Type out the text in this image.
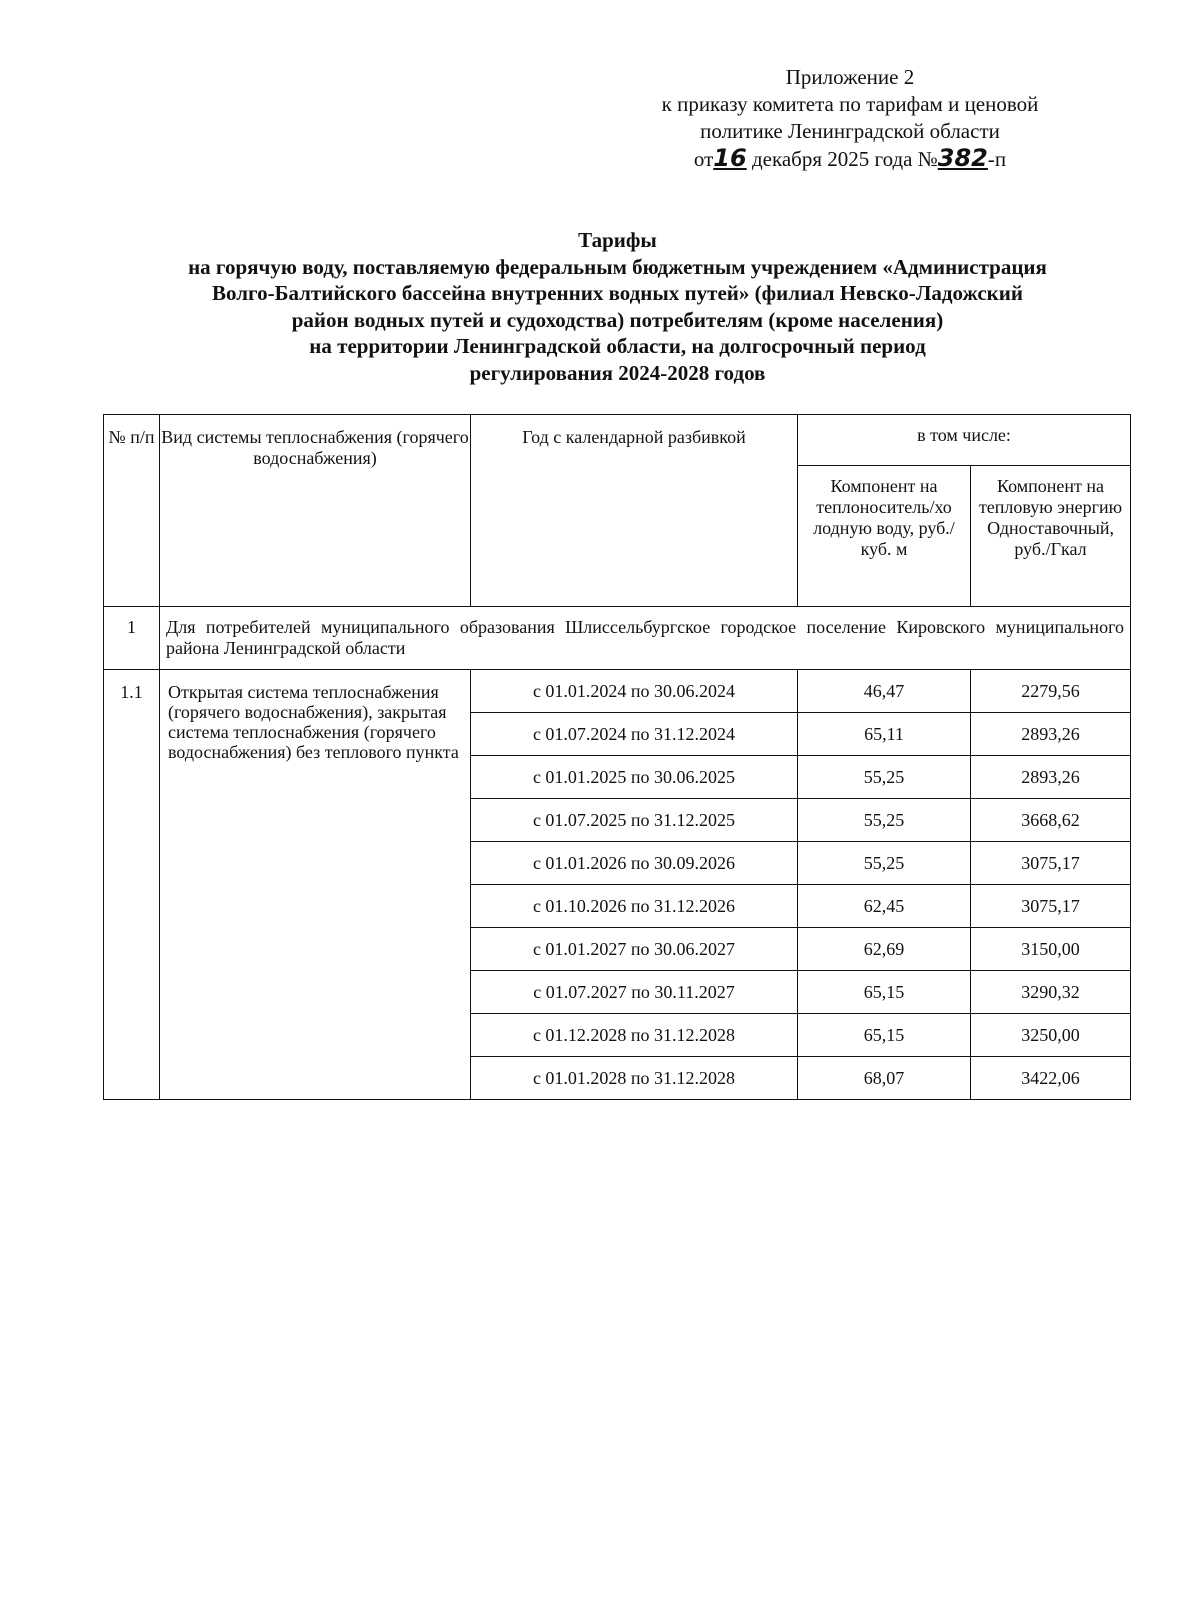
Приложение 2
к приказу комитета по тарифам и ценовой
политике Ленинградской области
от16 декабря 2025 года №382-п
Тарифы
на горячую воду, поставляемую федеральным бюджетным учреждением «Администрация
Волго-Балтийского бассейна внутренних водных путей» (филиал Невско-Ладожский
район водных путей и судоходства) потребителям (кроме населения)
на территории Ленинградской области, на долгосрочный период
регулирования 2024-2028 годов
№ п/п	Вид системы теплоснабжения (горячего водоснабжения)	Год с календарной разбивкой	в том числе:	
			Компонент на теплоноситель/хо лодную воду, руб./куб. м	Компонент на тепловую энергию Одноставочный, руб./Гкал
1	Для потребителей муниципального образования Шлиссельбургское городское поселение Кировского муниципального района Ленинградской области			
1.1	Открытая система теплоснабжения (горячего водоснабжения), закрытая система теплоснабжения (горячего водоснабжения) без теплового пункта	с 01.01.2024 по 30.06.2024	46,47	2279,56
		с 01.07.2024 по 31.12.2024	65,11	2893,26
		с 01.01.2025 по 30.06.2025	55,25	2893,26
		с 01.07.2025 по 31.12.2025	55,25	3668,62
		с 01.01.2026 по 30.09.2026	55,25	3075,17
		с 01.10.2026 по 31.12.2026	62,45	3075,17
		с 01.01.2027 по 30.06.2027	62,69	3150,00
		с 01.07.2027 по 30.11.2027	65,15	3290,32
		с 01.12.2028 по 31.12.2028	65,15	3250,00
		с 01.01.2028 по 31.12.2028	68,07	3422,06
